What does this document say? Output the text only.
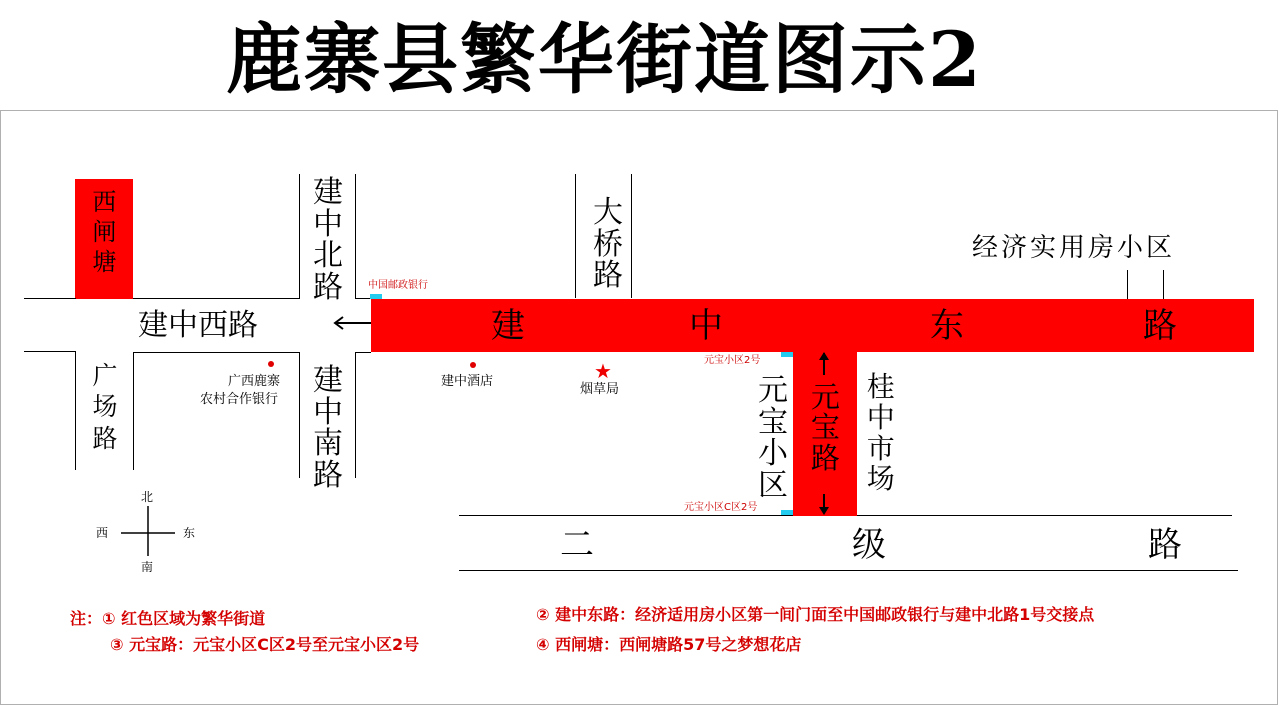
鹿寨县繁华街道图示2
西闸塘
广场路
建中北路
建中南路
建中西路
大桥路
建	中	东	路
元宝路
二	级	路
经济实用房小区
元宝小区
桂中市场
中国邮政银行
广西鹿寨
农村合作银行
建中酒店	★
烟草局
元宝小区2号
元宝小区C区2号
北
南
西	东
注：① 红色区域为繁华街道	② 建中东路：经济适用房小区第一间门面至中国邮政银行与建中北路1号交接点
③ 元宝路：元宝小区C区2号至元宝小区2号	④ 西闸塘：西闸塘路57号之梦想花店
